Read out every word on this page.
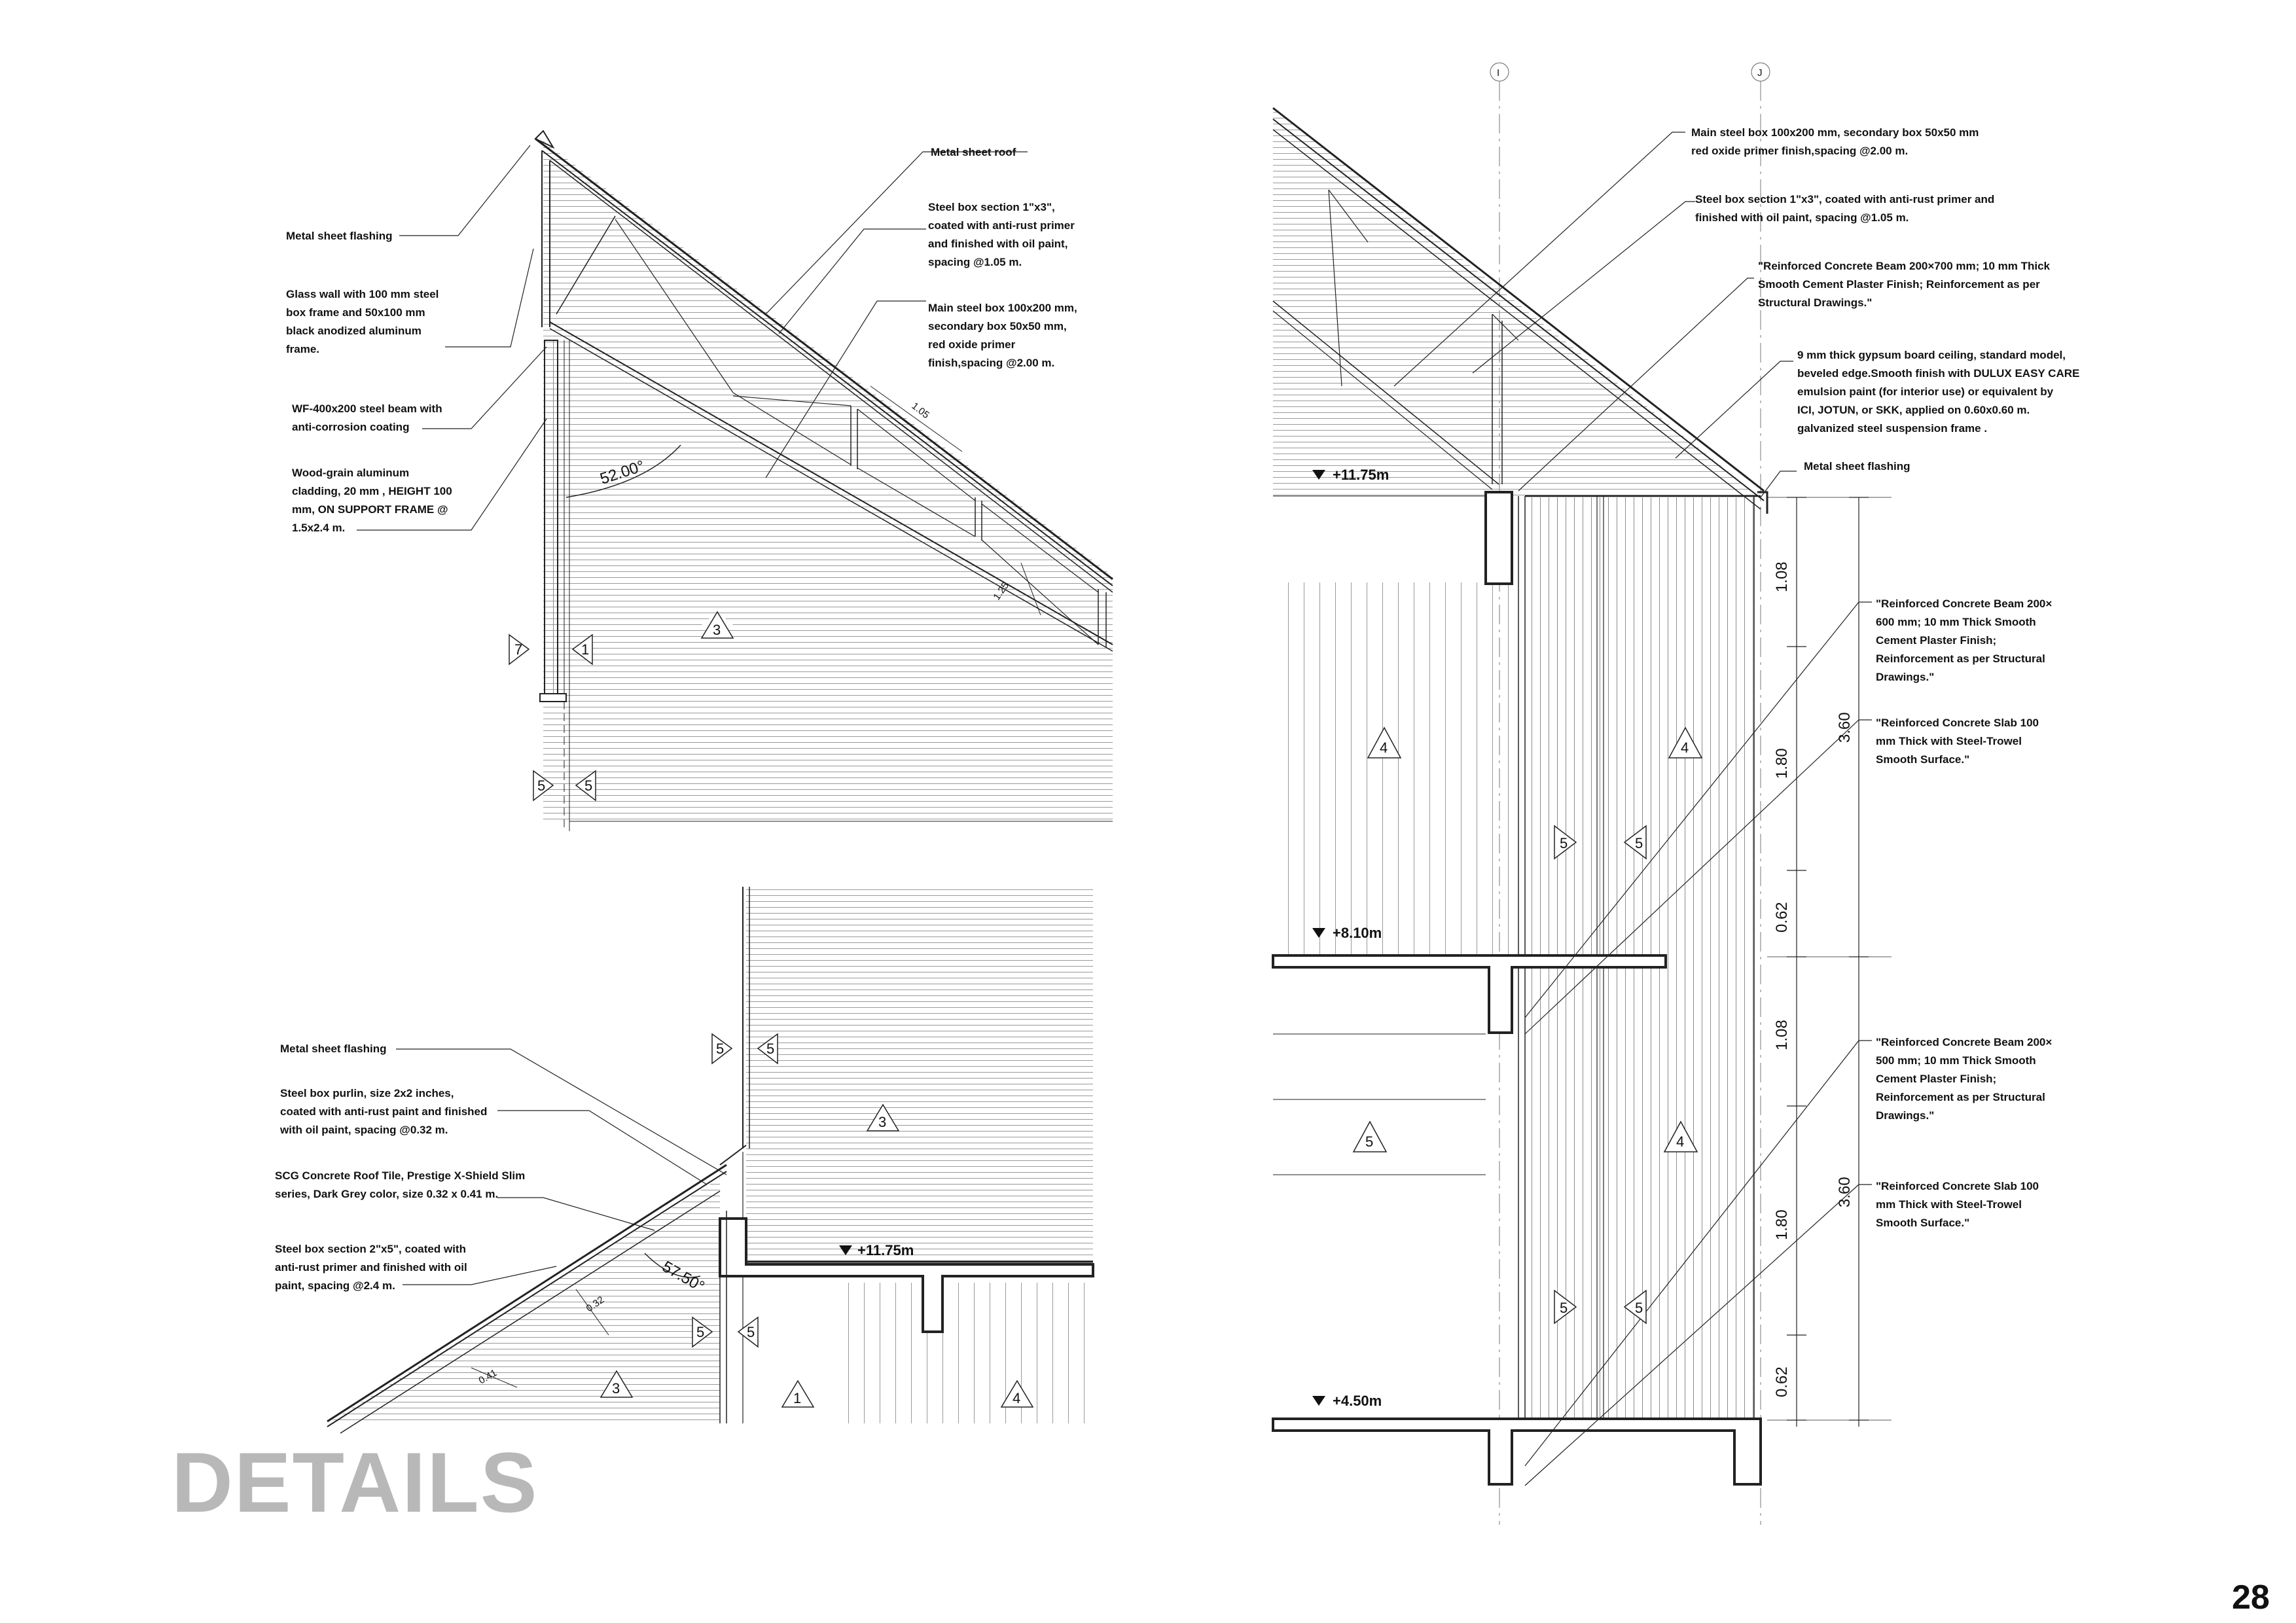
Metal sheet flashing
Glass wall with 100 mm steel box frame and 50x100 mm black anodized aluminum frame.
WF-400x200 steel beam with anti-corrosion coating
Wood-grain aluminum cladding, 20 mm , HEIGHT 100 mm, ON SUPPORT FRAME @ 1.5x2.4 m.
Metal sheet roof
Steel box section 1"x3", coated with anti-rust primer and finished with oil paint, spacing @1.05 m.
Main steel box 100x200 mm, secondary box 50x50 mm, red oxide primer finish,spacing @2.00 m.
52.00°
1.05
1.25
7	1
3
5	5
Metal sheet flashing
Steel box purlin, size 2x2 inches, coated with anti-rust paint and finished with oil paint, spacing @0.32 m.
SCG Concrete Roof Tile, Prestige X-Shield Slim series, Dark Grey color, size 0.32 x 0.41 m.
Steel box section 2"x5", coated with anti-rust primer and finished with oil paint, spacing @2.4 m.	57.50°
0.32
0.41
+11.75m
5	5
3
5	5
3
1	4
I	J
Main steel box 100x200 mm, secondary box 50x50 mm red oxide primer finish,spacing @2.00 m.
Steel box section 1"x3", coated with anti-rust primer and finished with oil paint, spacing @1.05 m.
"Reinforced Concrete Beam 200×700 mm; 10 mm Thick Smooth Cement Plaster Finish; Reinforcement as per Structural Drawings."
9 mm thick gypsum board ceiling, standard model, beveled edge.Smooth finish with DULUX EASY CARE emulsion paint (for interior use) or equivalent by ICI, JOTUN, or SKK, applied on 0.60x0.60 m. galvanized steel suspension frame .
Metal sheet flashing
"Reinforced Concrete Beam 200× 600 mm; 10 mm Thick Smooth Cement Plaster Finish; Reinforcement as per Structural Drawings."
"Reinforced Concrete Slab 100 mm Thick with Steel-Trowel Smooth Surface."
"Reinforced Concrete Beam 200× 500 mm; 10 mm Thick Smooth Cement Plaster Finish; Reinforcement as per Structural Drawings."
"Reinforced Concrete Slab 100 mm Thick with Steel-Trowel Smooth Surface."
+11.75m
+8.10m
+4.50m
1.08
1.80
0.62
3.60
1.08
1.80
0.62
3.60
4	4
5	5
5	4
5	5
DETAILS
28
